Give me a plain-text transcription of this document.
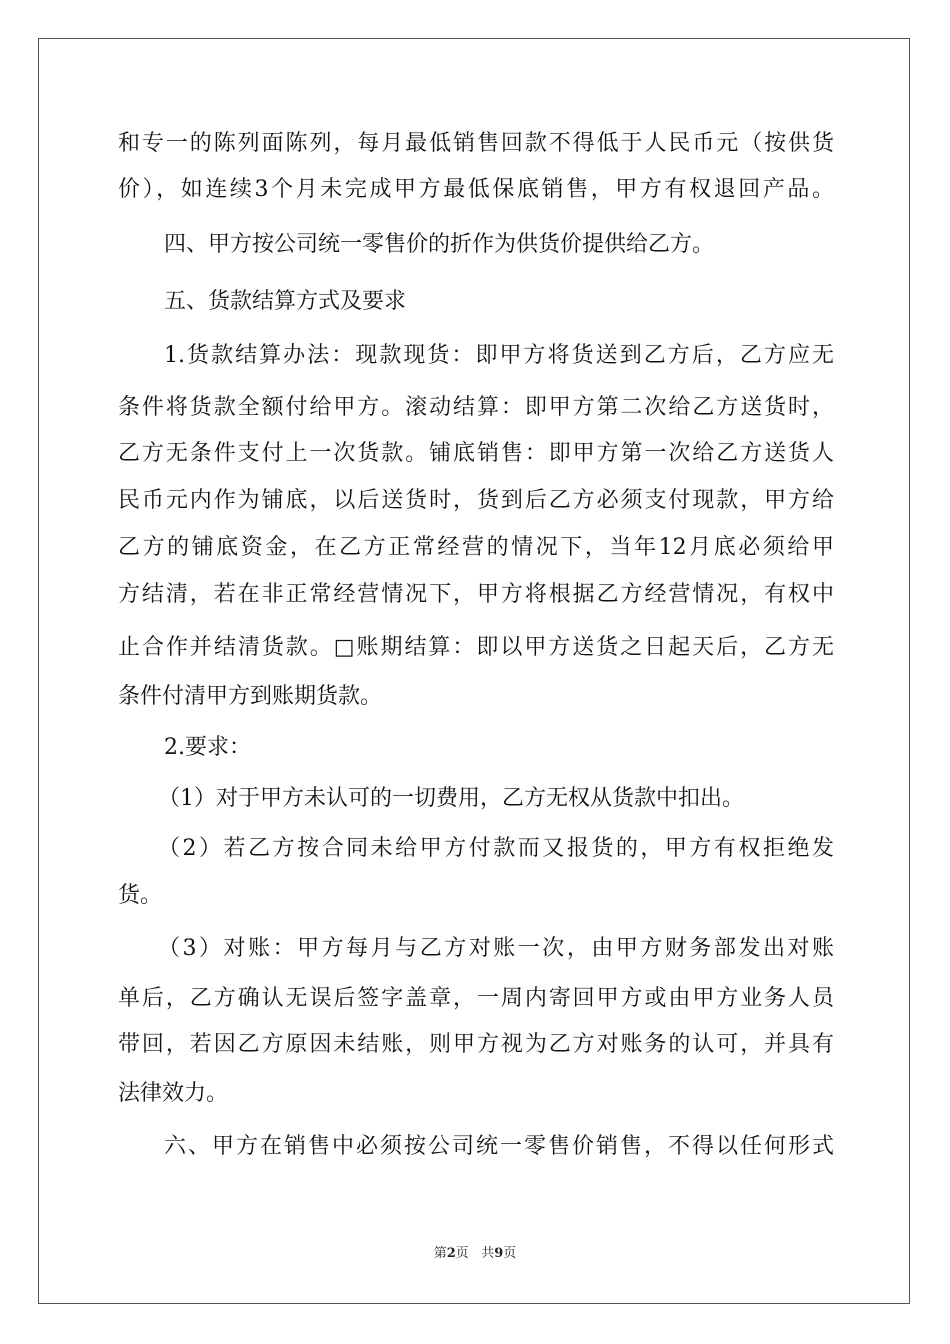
和专一的陈列面陈列，每月最低销售回款不得低于人民币元（按供货
价），如连续3个月未完成甲方最低保底销售，甲方有权退回产品。
四、甲方按公司统一零售价的折作为供货价提供给乙方。
五、货款结算方式及要求
1.货款结算办法：现款现货：即甲方将货送到乙方后，乙方应无
条件将货款全额付给甲方。滚动结算：即甲方第二次给乙方送货时，
乙方无条件支付上一次货款。铺底销售：即甲方第一次给乙方送货人
民币元内作为铺底，以后送货时，货到后乙方必须支付现款，甲方给
乙方的铺底资金，在乙方正常经营的情况下，当年12月底必须给甲
方结清，若在非正常经营情况下，甲方将根据乙方经营情况，有权中
止合作并结清货款。□账期结算：即以甲方送货之日起天后，乙方无
条件付清甲方到账期货款。
2.要求：
（1）对于甲方未认可的一切费用，乙方无权从货款中扣出。
（2）若乙方按合同未给甲方付款而又报货的，甲方有权拒绝发
货。
（3）对账：甲方每月与乙方对账一次，由甲方财务部发出对账
单后，乙方确认无误后签字盖章，一周内寄回甲方或由甲方业务人员
带回，若因乙方原因未结账，则甲方视为乙方对账务的认可，并具有
法律效力。
六、甲方在销售中必须按公司统一零售价销售，不得以任何形式
第2页   共9页
